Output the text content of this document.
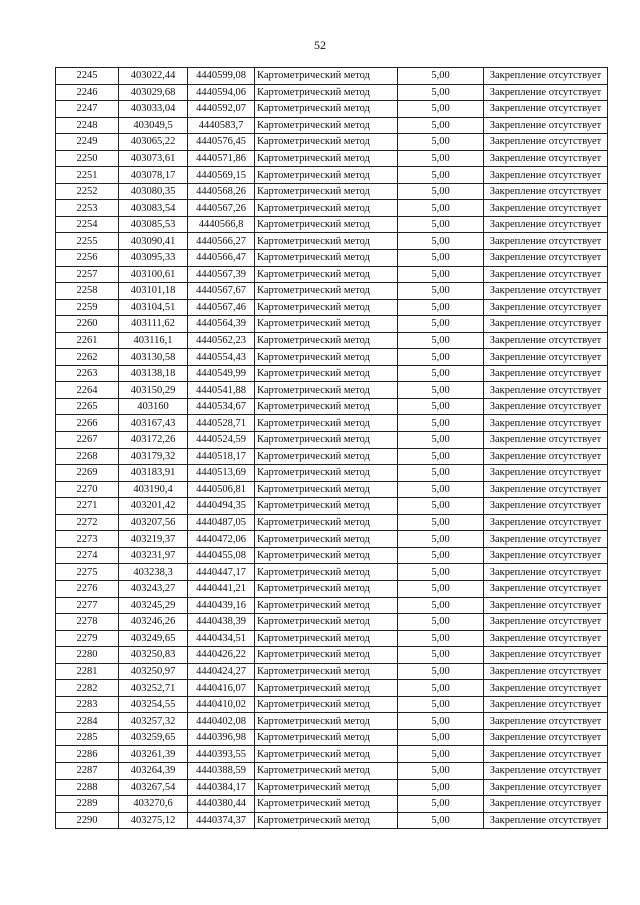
52
2245	403022,44	4440599,08	Картометрический метод	5,00	Закрепление отсутствует
2246	403029,68	4440594,06	Картометрический метод	5,00	Закрепление отсутствует
2247	403033,04	4440592,07	Картометрический метод	5,00	Закрепление отсутствует
2248	403049,5	4440583,7	Картометрический метод	5,00	Закрепление отсутствует
2249	403065,22	4440576,45	Картометрический метод	5,00	Закрепление отсутствует
2250	403073,61	4440571,86	Картометрический метод	5,00	Закрепление отсутствует
2251	403078,17	4440569,15	Картометрический метод	5,00	Закрепление отсутствует
2252	403080,35	4440568,26	Картометрический метод	5,00	Закрепление отсутствует
2253	403083,54	4440567,26	Картометрический метод	5,00	Закрепление отсутствует
2254	403085,53	4440566,8	Картометрический метод	5,00	Закрепление отсутствует
2255	403090,41	4440566,27	Картометрический метод	5,00	Закрепление отсутствует
2256	403095,33	4440566,47	Картометрический метод	5,00	Закрепление отсутствует
2257	403100,61	4440567,39	Картометрический метод	5,00	Закрепление отсутствует
2258	403101,18	4440567,67	Картометрический метод	5,00	Закрепление отсутствует
2259	403104,51	4440567,46	Картометрический метод	5,00	Закрепление отсутствует
2260	403111,62	4440564,39	Картометрический метод	5,00	Закрепление отсутствует
2261	403116,1	4440562,23	Картометрический метод	5,00	Закрепление отсутствует
2262	403130,58	4440554,43	Картометрический метод	5,00	Закрепление отсутствует
2263	403138,18	4440549,99	Картометрический метод	5,00	Закрепление отсутствует
2264	403150,29	4440541,88	Картометрический метод	5,00	Закрепление отсутствует
2265	403160	4440534,67	Картометрический метод	5,00	Закрепление отсутствует
2266	403167,43	4440528,71	Картометрический метод	5,00	Закрепление отсутствует
2267	403172,26	4440524,59	Картометрический метод	5,00	Закрепление отсутствует
2268	403179,32	4440518,17	Картометрический метод	5,00	Закрепление отсутствует
2269	403183,91	4440513,69	Картометрический метод	5,00	Закрепление отсутствует
2270	403190,4	4440506,81	Картометрический метод	5,00	Закрепление отсутствует
2271	403201,42	4440494,35	Картометрический метод	5,00	Закрепление отсутствует
2272	403207,56	4440487,05	Картометрический метод	5,00	Закрепление отсутствует
2273	403219,37	4440472,06	Картометрический метод	5,00	Закрепление отсутствует
2274	403231,97	4440455,08	Картометрический метод	5,00	Закрепление отсутствует
2275	403238,3	4440447,17	Картометрический метод	5,00	Закрепление отсутствует
2276	403243,27	4440441,21	Картометрический метод	5,00	Закрепление отсутствует
2277	403245,29	4440439,16	Картометрический метод	5,00	Закрепление отсутствует
2278	403246,26	4440438,39	Картометрический метод	5,00	Закрепление отсутствует
2279	403249,65	4440434,51	Картометрический метод	5,00	Закрепление отсутствует
2280	403250,83	4440426,22	Картометрический метод	5,00	Закрепление отсутствует
2281	403250,97	4440424,27	Картометрический метод	5,00	Закрепление отсутствует
2282	403252,71	4440416,07	Картометрический метод	5,00	Закрепление отсутствует
2283	403254,55	4440410,02	Картометрический метод	5,00	Закрепление отсутствует
2284	403257,32	4440402,08	Картометрический метод	5,00	Закрепление отсутствует
2285	403259,65	4440396,98	Картометрический метод	5,00	Закрепление отсутствует
2286	403261,39	4440393,55	Картометрический метод	5,00	Закрепление отсутствует
2287	403264,39	4440388,59	Картометрический метод	5,00	Закрепление отсутствует
2288	403267,54	4440384,17	Картометрический метод	5,00	Закрепление отсутствует
2289	403270,6	4440380,44	Картометрический метод	5,00	Закрепление отсутствует
2290	403275,12	4440374,37	Картометрический метод	5,00	Закрепление отсутствует
